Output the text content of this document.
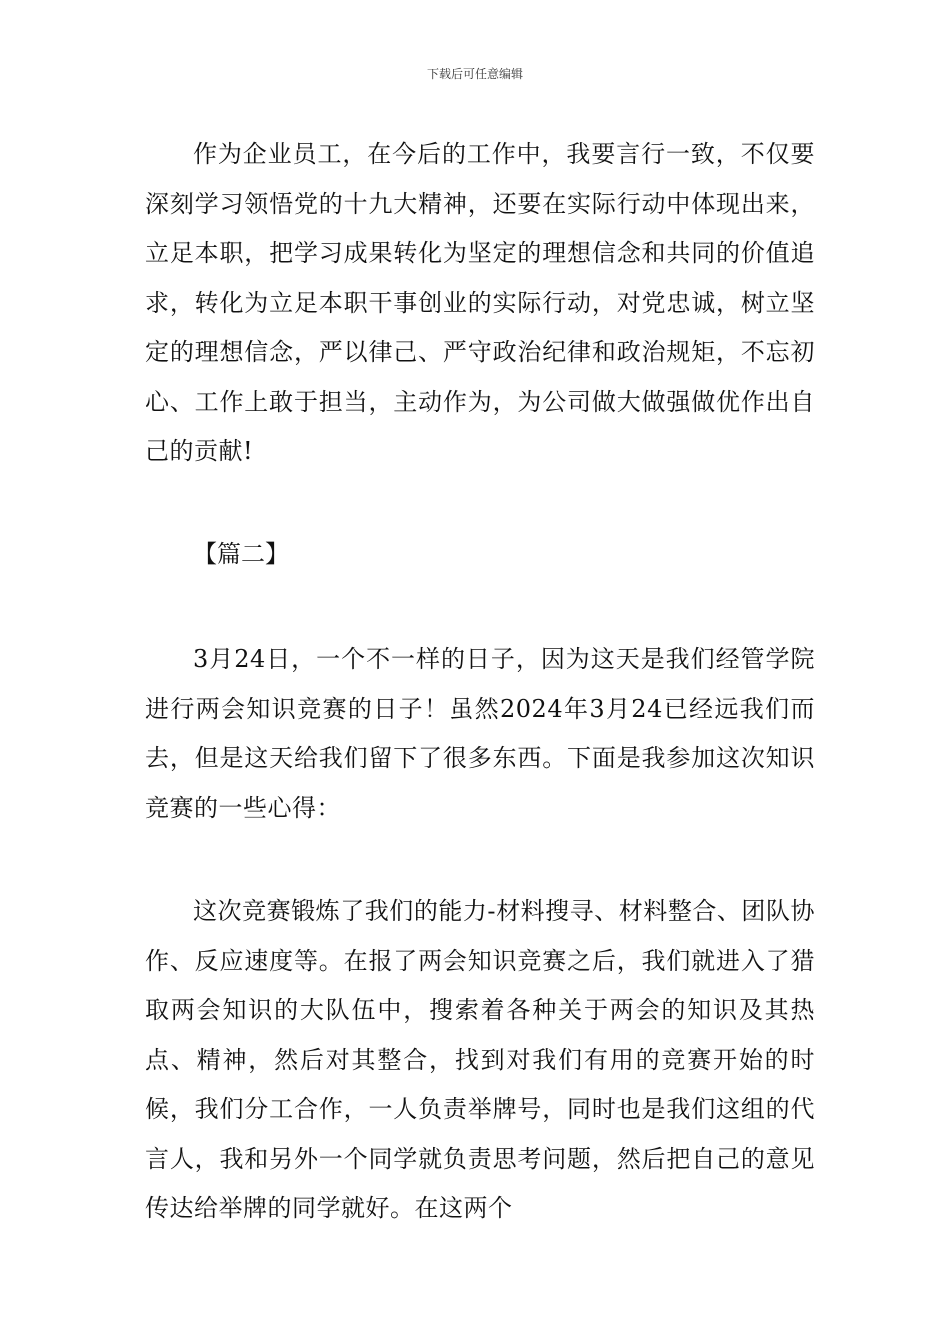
下载后可任意编辑

作为企业员工，在今后的工作中，我要言行一致，不仅要深刻学习领悟党的十九大精神，还要在实际行动中体现出来，立足本职，把学习成果转化为坚定的理想信念和共同的价值追求，转化为立足本职干事创业的实际行动，对党忠诚，树立坚定的理想信念，严以律己、严守政治纪律和政治规矩，不忘初心、工作上敢于担当，主动作为，为公司做大做强做优作出自己的贡献!

【篇二】

3月24日，一个不一样的日子，因为这天是我们经管学院进行两会知识竞赛的日子！虽然2024年3月24已经远我们而去，但是这天给我们留下了很多东西。下面是我参加这次知识竞赛的一些心得：

这次竞赛锻炼了我们的能力-材料搜寻、材料整合、团队协作、反应速度等。在报了两会知识竞赛之后，我们就进入了猎取两会知识的大队伍中，搜索着各种关于两会的知识及其热点、精神，然后对其整合，找到对我们有用的竞赛开始的时候，我们分工合作，一人负责举牌号，同时也是我们这组的代言人，我和另外一个同学就负责思考问题，然后把自己的意见传达给举牌的同学就好。在这两个
